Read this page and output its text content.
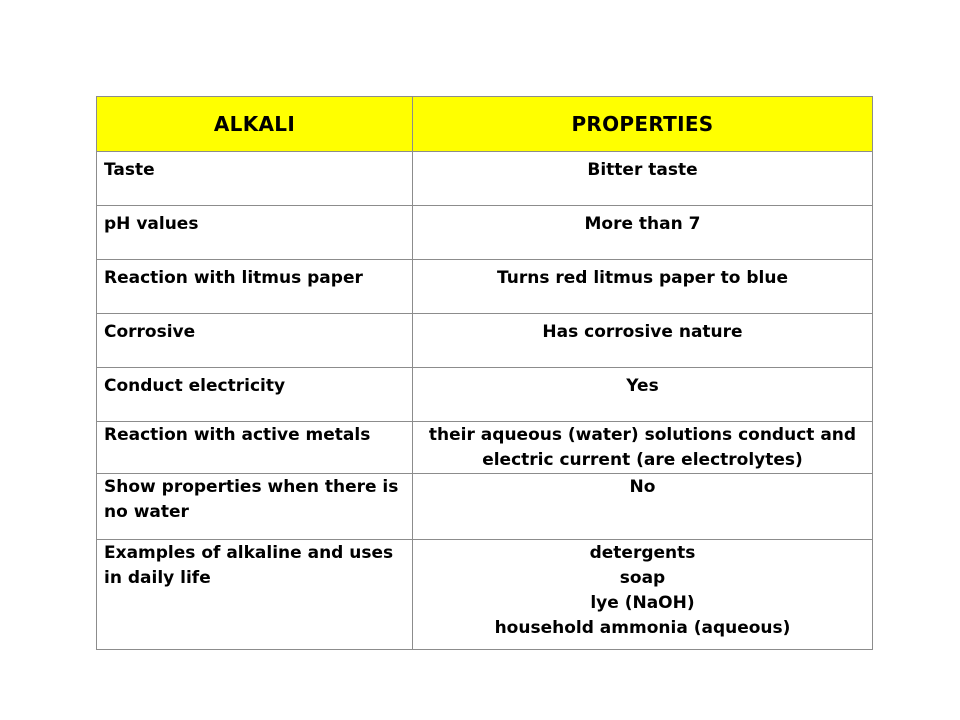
ALKALI	PROPERTIES
Taste	Bitter taste
pH values	More than 7
Reaction with litmus paper	Turns red litmus paper to blue
Corrosive	Has corrosive nature
Conduct electricity	Yes
Reaction with active metals	their aqueous (water) solutions conduct and electric current (are electrolytes)
Show properties when there is no water	No
Examples of alkaline and uses in daily life	detergents
soap
lye (NaOH)
household ammonia (aqueous)
